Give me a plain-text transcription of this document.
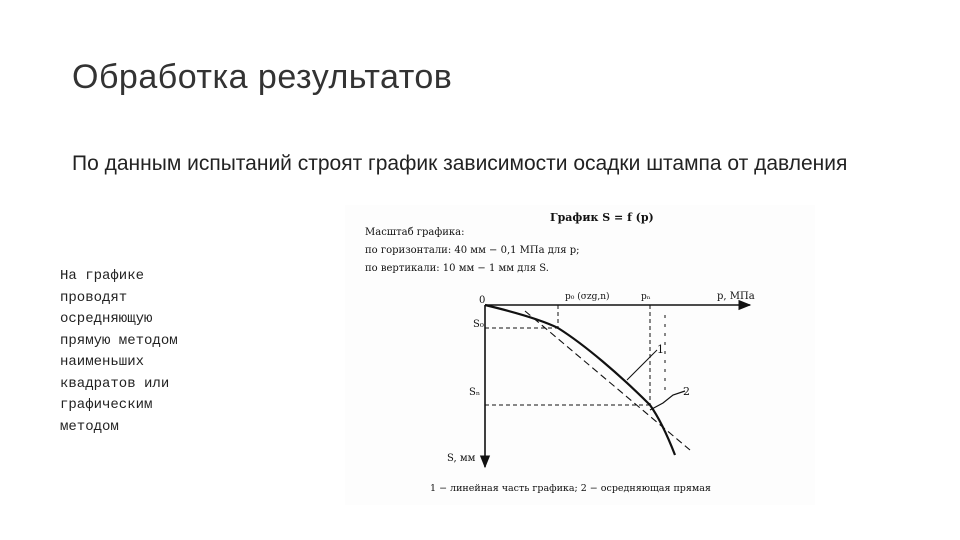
Обработка результатов
По данным испытаний строят график зависимости осадки штампа от давления
На графике
проводят
осредняющую
прямую методом
наименьших
квадратов или
графическим
методом
График S = f (p)
Масштаб графика:
по горизонтали: 40 мм − 0,1 МПа для p;
по вертикали: 10 мм − 1 мм для S.
0	p₀ (σzg,n)	pₙ	p, МПа
S₀
Sₙ
S, мм
1
2
1 − линейная часть графика; 2 − осредняющая прямая
